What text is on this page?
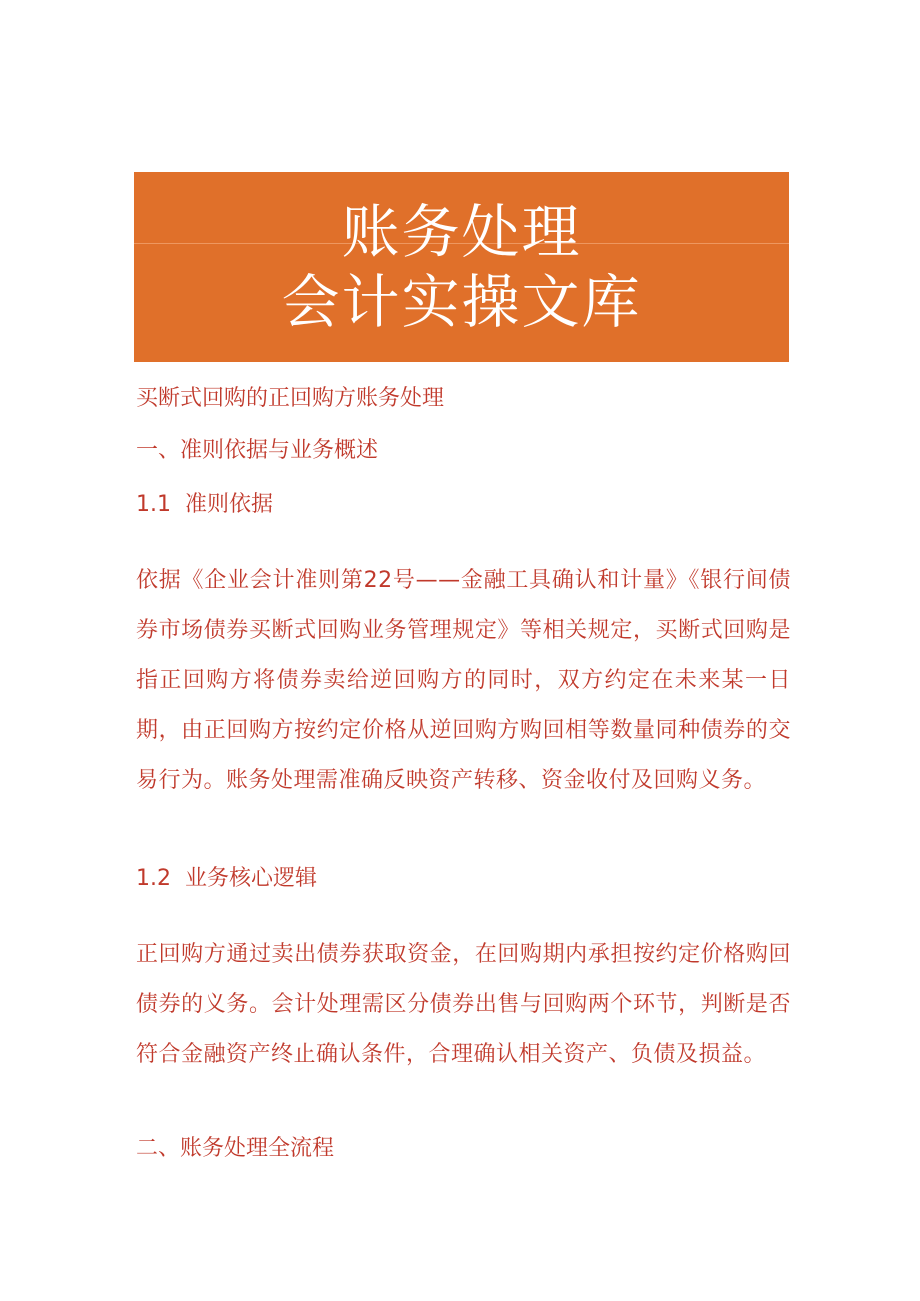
账务处理
会计实操文库
买断式回购的正回购方账务处理
一、准则依据与业务概述
1.1 准则依据
依据《企业会计准则第22号——金融工具确认和计量》《银行间债券市场债券买断式回购业务管理规定》等相关规定，买断式回购是指正回购方将债券卖给逆回购方的同时，双方约定在未来某一日期，由正回购方按约定价格从逆回购方购回相等数量同种债券的交易行为。账务处理需准确反映资产转移、资金收付及回购义务。
1.2 业务核心逻辑
正回购方通过卖出债券获取资金，在回购期内承担按约定价格购回债券的义务。会计处理需区分债券出售与回购两个环节，判断是否符合金融资产终止确认条件，合理确认相关资产、负债及损益。
二、账务处理全流程
